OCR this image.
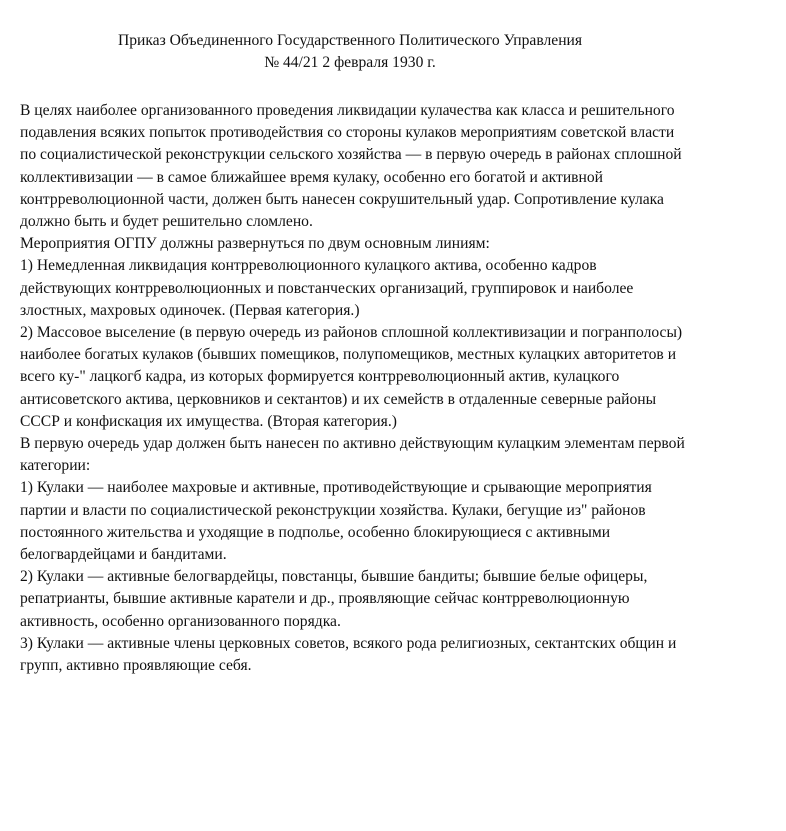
Приказ Объединенного Государственного Политического Управления
№ 44/21 2 февраля 1930 г.
В целях наиболее организованного проведения ликвидации кулачества как класса и решительного
подавления всяких попыток противодействия со стороны кулаков мероприятиям советской власти
по социалистической реконструкции сельского хозяйства — в первую очередь в районах сплошной
коллективизации — в самое ближайшее время кулаку, особенно его богатой и активной
контрреволюционной части, должен быть нанесен сокрушительный удар. Сопротивление кулака
должно быть и будет решительно сломлено.
Мероприятия ОГПУ должны развернуться по двум основным линиям:
1) Немедленная ликвидация контрреволюционного кулацкого актива, особенно кадров
действующих контрреволюционных и повстанческих организаций, группировок и наиболее
злостных, махровых одиночек. (Первая категория.)
2) Массовое выселение (в первую очередь из районов сплошной коллективизации и погранполосы)
наиболее богатых кулаков (бывших помещиков, полупомещиков, местных кулацких авторитетов и
всего ку-" лацкогб кадра, из которых формируется контрреволюционный актив, кулацкого
антисоветского актива, церковников и сектантов) и их семейств в отдаленные северные районы
СССР и конфискация их имущества. (Вторая категория.)
В первую очередь удар должен быть нанесен по активно действующим кулацким элементам первой
категории:
1) Кулаки — наиболее махровые и активные, противодействующие и срывающие мероприятия
партии и власти по социалистической реконструкции хозяйства. Кулаки, бегущие из" районов
постоянного жительства и уходящие в подполье, особенно блокирующиеся с активными
белогвардейцами и бандитами.
2) Кулаки — активные белогвардейцы, повстанцы, бывшие бандиты; бывшие белые офицеры,
репатрианты, бывшие активные каратели и др., проявляющие сейчас контрреволюционную
активность, особенно организованного порядка.
3) Кулаки — активные члены церковных советов, всякого рода религиозных, сектантских общин и
групп, активно проявляющие себя.
